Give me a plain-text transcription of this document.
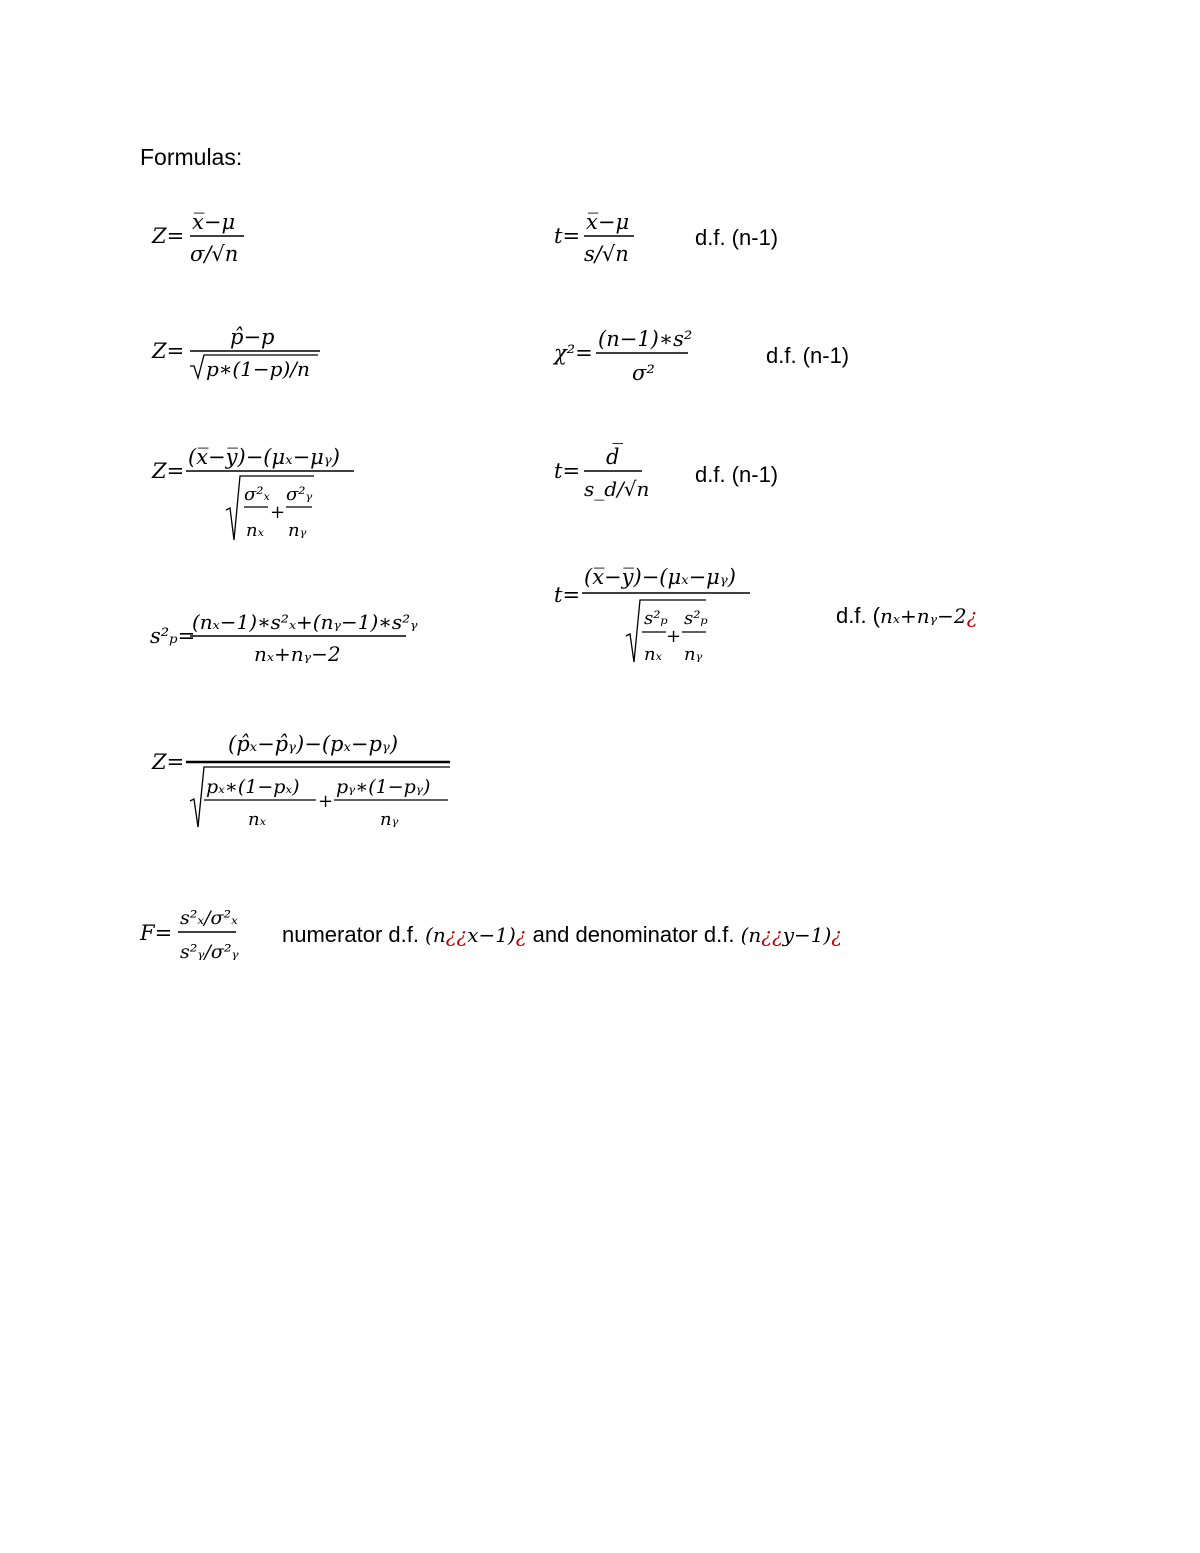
Formulas:
Z=
x̅−μ
σ/√n
t=
x̅−μ
s/√n
d.f. (n-1)
Z=
p̂−p
p∗(1−p)/n
χ²=
(n−1)∗s²
σ²
d.f. (n-1)
Z=
(x̅−y̅)−(μₓ−μᵧ)
σ²ₓ
nₓ
+
σ²ᵧ
nᵧ
t=
d̅
s_d/√n
d.f. (n-1)
s²ₚ=
(nₓ−1)∗s²ₓ+(nᵧ−1)∗s²ᵧ
nₓ+nᵧ−2
t=
(x̅−y̅)−(μₓ−μᵧ)
s²ₚ
nₓ
+
s²ₚ
nᵧ
d.f. (nₓ+nᵧ−2¿
Z=
(p̂ₓ−p̂ᵧ)−(pₓ−pᵧ)
pₓ∗(1−pₓ)
nₓ
+
pᵧ∗(1−pᵧ)
nᵧ
F=
s²ₓ/σ²ₓ
s²ᵧ/σ²ᵧ
numerator d.f. (n¿¿x−1)¿ and denominator d.f. (n¿¿y−1)¿
